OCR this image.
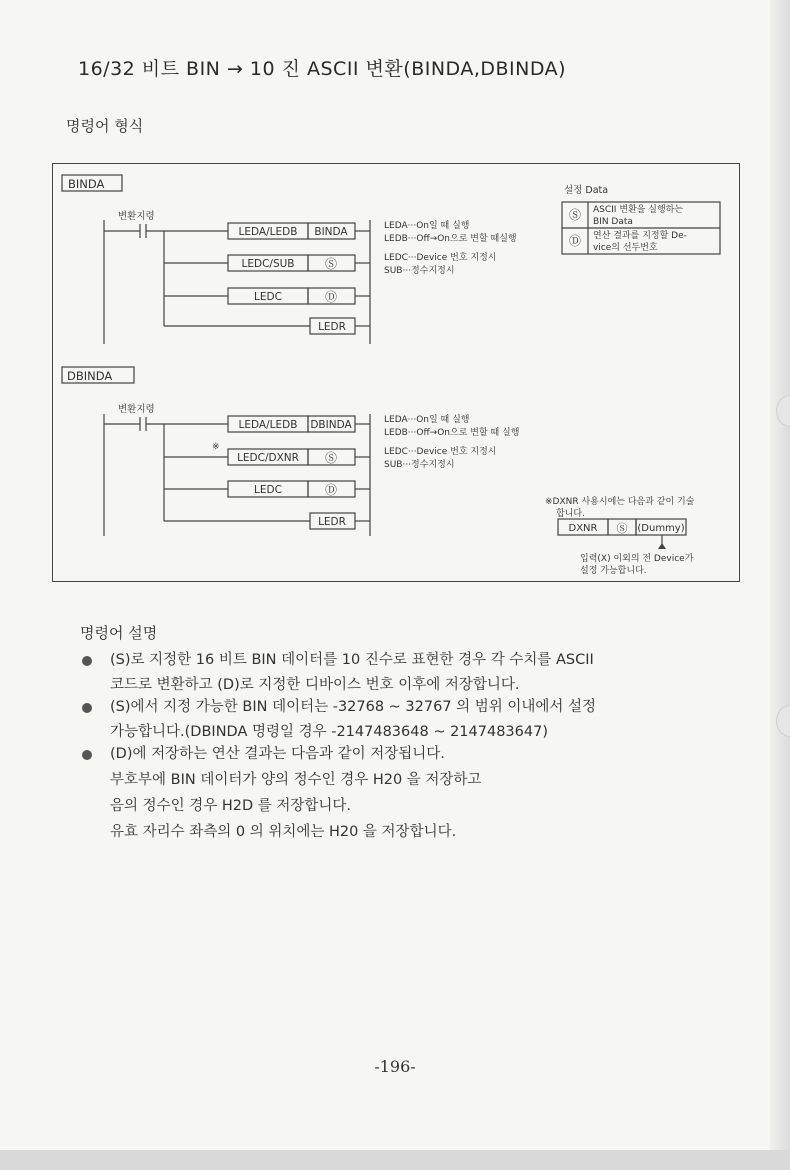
16/32 비트 BIN → 10 진 ASCII 변환(BINDA,DBINDA)
명령어 형식
BINDA
변환지령
LEDA/LEDB BINDA
LEDC/SUB	Ⓢ
LEDC	Ⓓ
LEDR
LEDA···On일 때 실행
LEDB···Off→On으로 변할 때실행
LEDC···Device 번호 지정시
SUB···정수지정시
설정 Data
Ⓢ ASCII 변환을 실행하는
BIN Data
Ⓓ 연산 결과를 지정할 De-
vice의 선두번호
DBINDA
변환지령
LEDA/LEDB DBINDA
※
LEDC/DXNR Ⓢ
LEDC	Ⓓ
LEDR
LEDA···On일 때 실행
LEDB···Off→On으로 변할 때 실행
LEDC···Device 번호 지정시
SUB···정수지정시
※DXNR 사용시에는 다음과 같이 기술
합니다.
DXNR Ⓢ (Dummy)
입력(X) 이외의 전 Device가
설정 가능합니다.
명령어 설명
(S)로 지정한 16 비트 BIN 데이터를 10 진수로 표현한 경우 각 수치를 ASCII
코드로 변환하고 (D)로 지정한 디바이스 번호 이후에 저장합니다.
(S)에서 지정 가능한 BIN 데이터는 -32768 ~ 32767 의 범위 이내에서 설정
가능합니다.(DBINDA 명령일 경우 -2147483648 ~ 2147483647)
(D)에 저장하는 연산 결과는 다음과 같이 저장됩니다.
부호부에 BIN 데이터가 양의 정수인 경우 H20 을 저장하고
음의 정수인 경우 H2D 를 저장합니다.
유효 자리수 좌측의 0 의 위치에는 H20 을 저장합니다.
-196-
